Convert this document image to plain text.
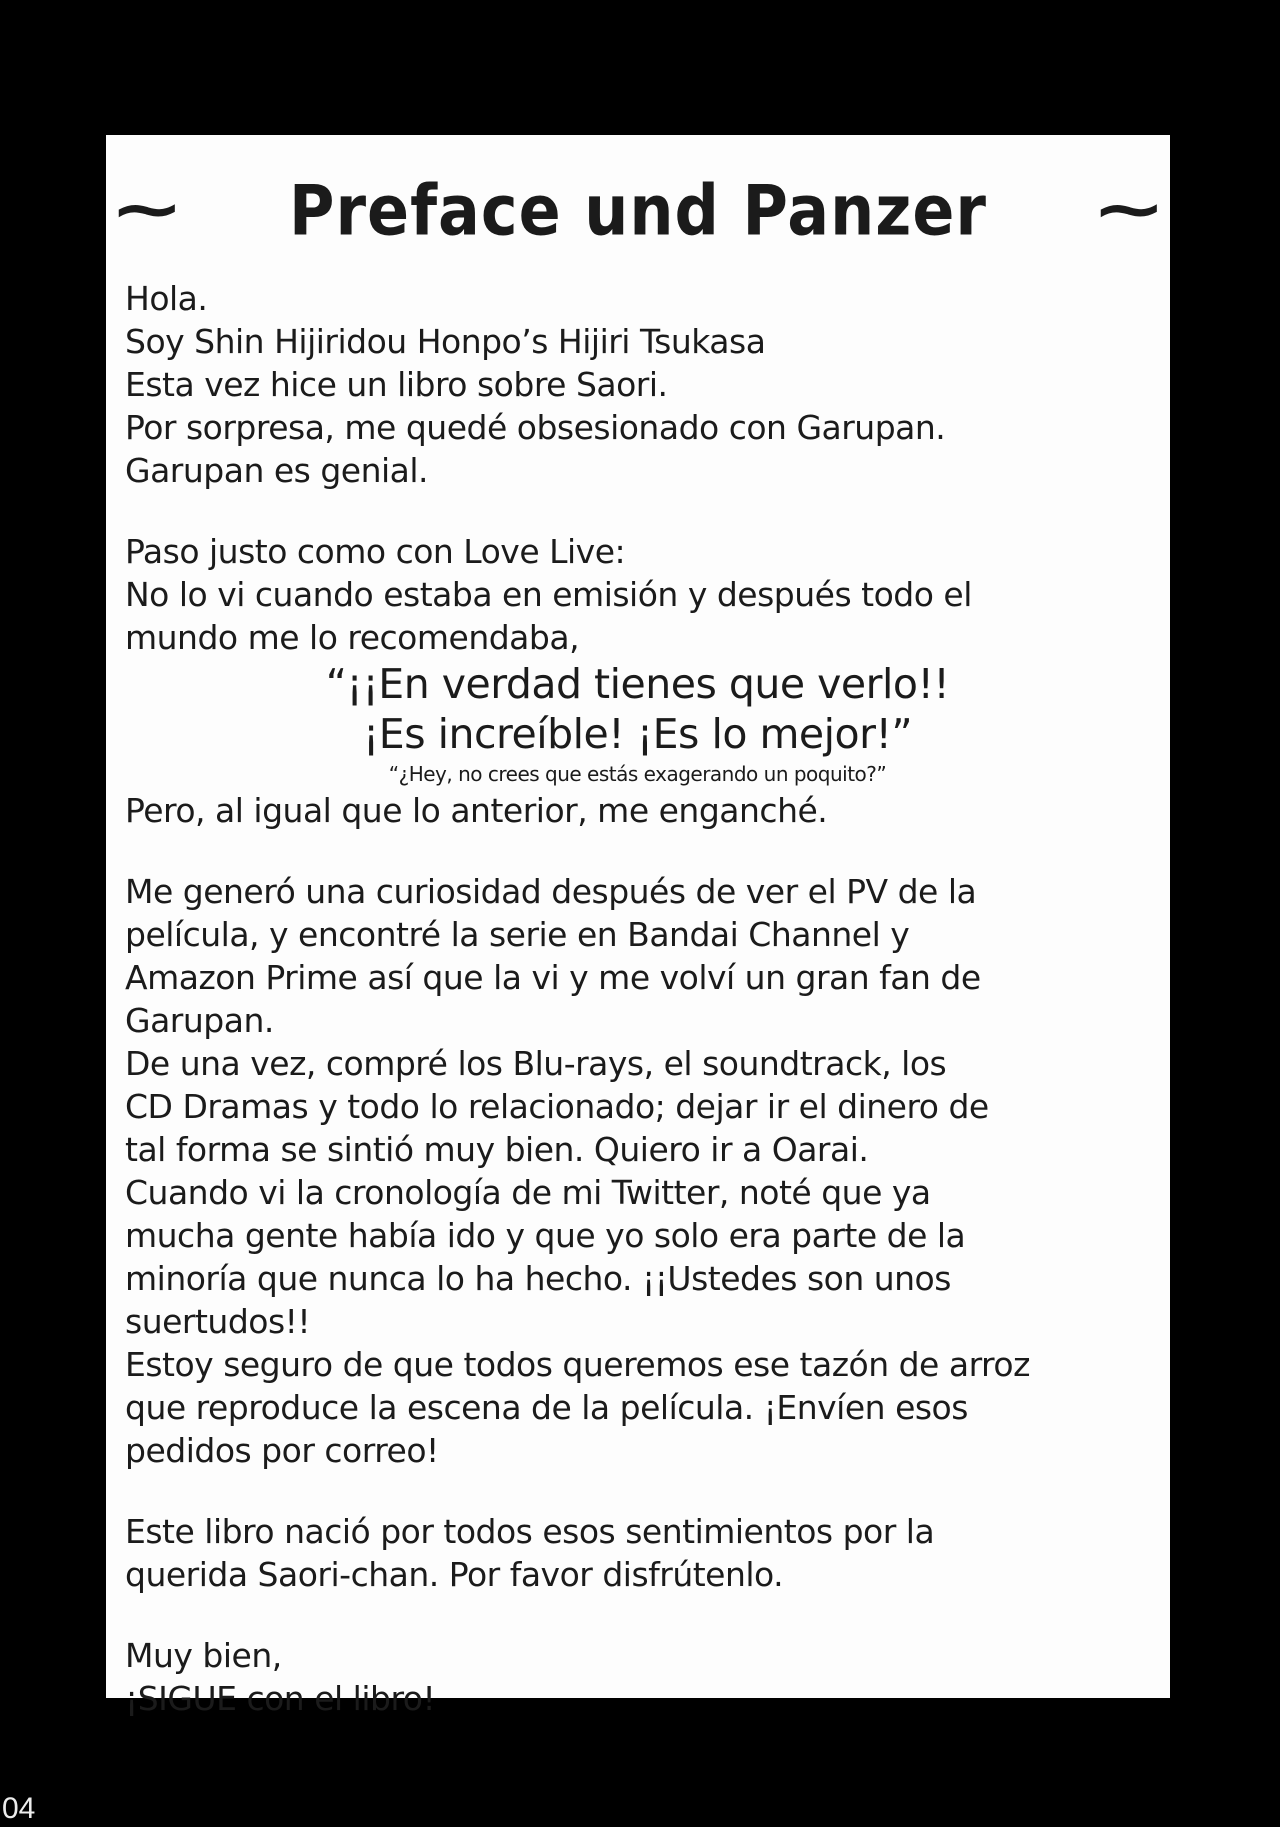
~ Preface und Panzer ~
Hola.
Soy Shin Hijiridou Honpo’s Hijiri Tsukasa
Esta vez hice un libro sobre Saori.
Por sorpresa, me quedé obsesionado con Garupan.
Garupan es genial.
Paso justo como con Love Live:
No lo vi cuando estaba en emisión y después todo el
mundo me lo recomendaba,
“¡¡En verdad tienes que verlo!!
¡Es increíble! ¡Es lo mejor!”
“¿Hey, no crees que estás exagerando un poquito?”
Pero, al igual que lo anterior, me enganché.
Me generó una curiosidad después de ver el PV de la
película, y encontré la serie en Bandai Channel y
Amazon Prime así que la vi y me volví un gran fan de
Garupan.
De una vez, compré los Blu-rays, el soundtrack, los
CD Dramas y todo lo relacionado; dejar ir el dinero de
tal forma se sintió muy bien. Quiero ir a Oarai.
Cuando vi la cronología de mi Twitter, noté que ya
mucha gente había ido y que yo solo era parte de la
minoría que nunca lo ha hecho. ¡¡Ustedes son unos
suertudos!!
Estoy seguro de que todos queremos ese tazón de arroz
que reproduce la escena de la película. ¡Envíen esos
pedidos por correo!
Este libro nació por todos esos sentimientos por la
querida Saori-chan. Por favor disfrútenlo.
Muy bien,
¡SIGUE con el libro!
04
